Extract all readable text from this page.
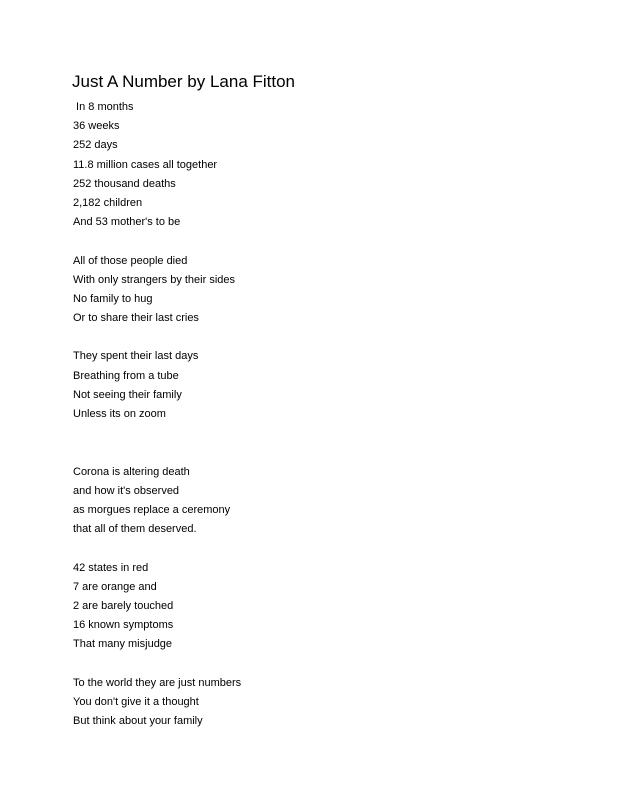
Just A Number by Lana Fitton
In 8 months
36 weeks
252 days
11.8 million cases all together
252 thousand deaths
2,182 children
And 53 mother's to be
All of those people died
With only strangers by their sides
No family to hug
Or to share their last cries
They spent their last days
Breathing from a tube
Not seeing their family
Unless its on zoom
Corona is altering death
and how it's observed
as morgues replace a ceremony
that all of them deserved.
42 states in red
7 are orange and
2 are barely touched
16 known symptoms
That many misjudge
To the world they are just numbers
You don't give it a thought
But think about your family
